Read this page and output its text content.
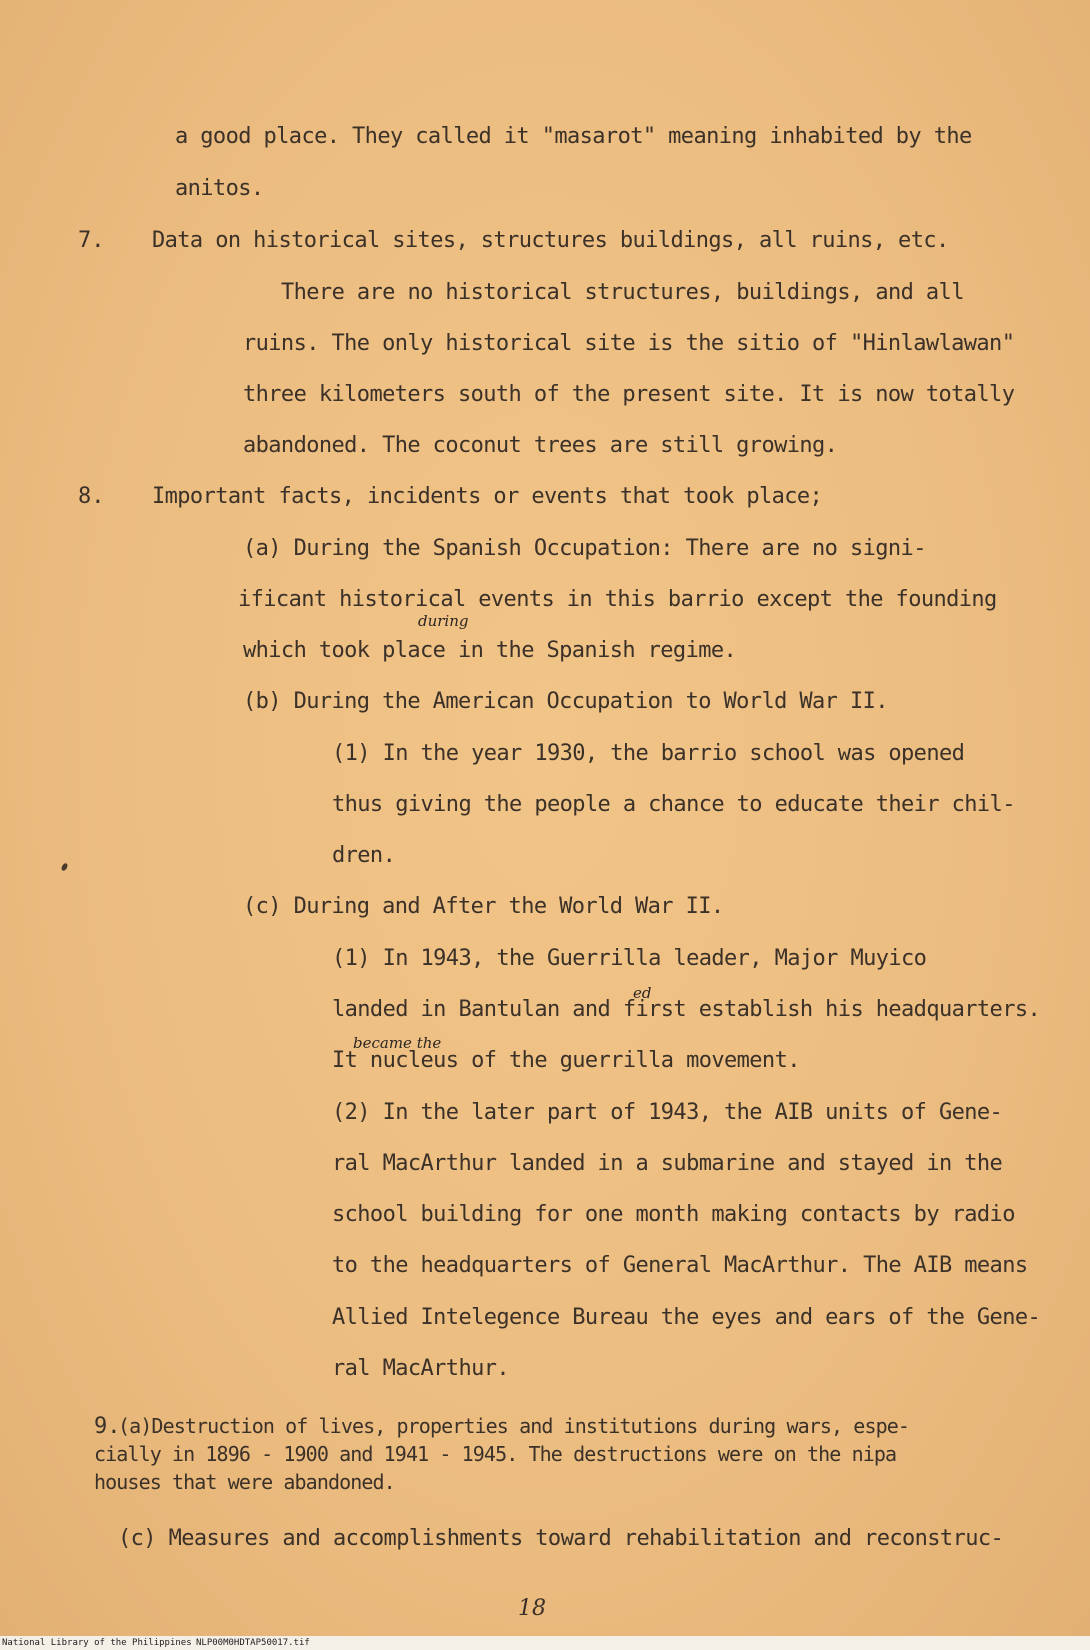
a good place. They called it "masarot" meaning inhabited by the
anitos.
7. Data on historical sites, structures buildings, all ruins, etc.
There are no historical structures, buildings, and all
ruins. The only historical site is the sitio of "Hinlawlawan"
three kilometers south of the present site. It is now totally
abandoned. The coconut trees are still growing.
8. Important facts, incidents or events that took place;
(a) During the Spanish Occupation: There are no signi-
ificant historical events in this barrio except the founding
during
which took place in the Spanish regime.
(b) During the American Occupation to World War II.
(1) In the year 1930, the barrio school was opened
thus giving the people a chance to educate their chil-
dren.
(c) During and After the World War II.
(1) In 1943, the Guerrilla leader, Major Muyico
ed
landed in Bantulan and first establish his headquarters.
became the
It nucleus of the guerrilla movement.
(2) In the later part of 1943, the AIB units of Gene-
ral MacArthur landed in a submarine and stayed in the
school building for one month making contacts by radio
to the headquarters of General MacArthur. The AIB means
Allied Intelegence Bureau the eyes and ears of the Gene-
ral MacArthur.
9.
(a)Destruction of lives, properties and institutions during wars, espe-
cially in 1896 - 1900 and 1941 - 1945. The destructions were on the nipa
houses that were abandoned.
(c) Measures and accomplishments toward rehabilitation and reconstruc-
18
National Library of the Philippines NLP00M0HDTAP50017.tif
